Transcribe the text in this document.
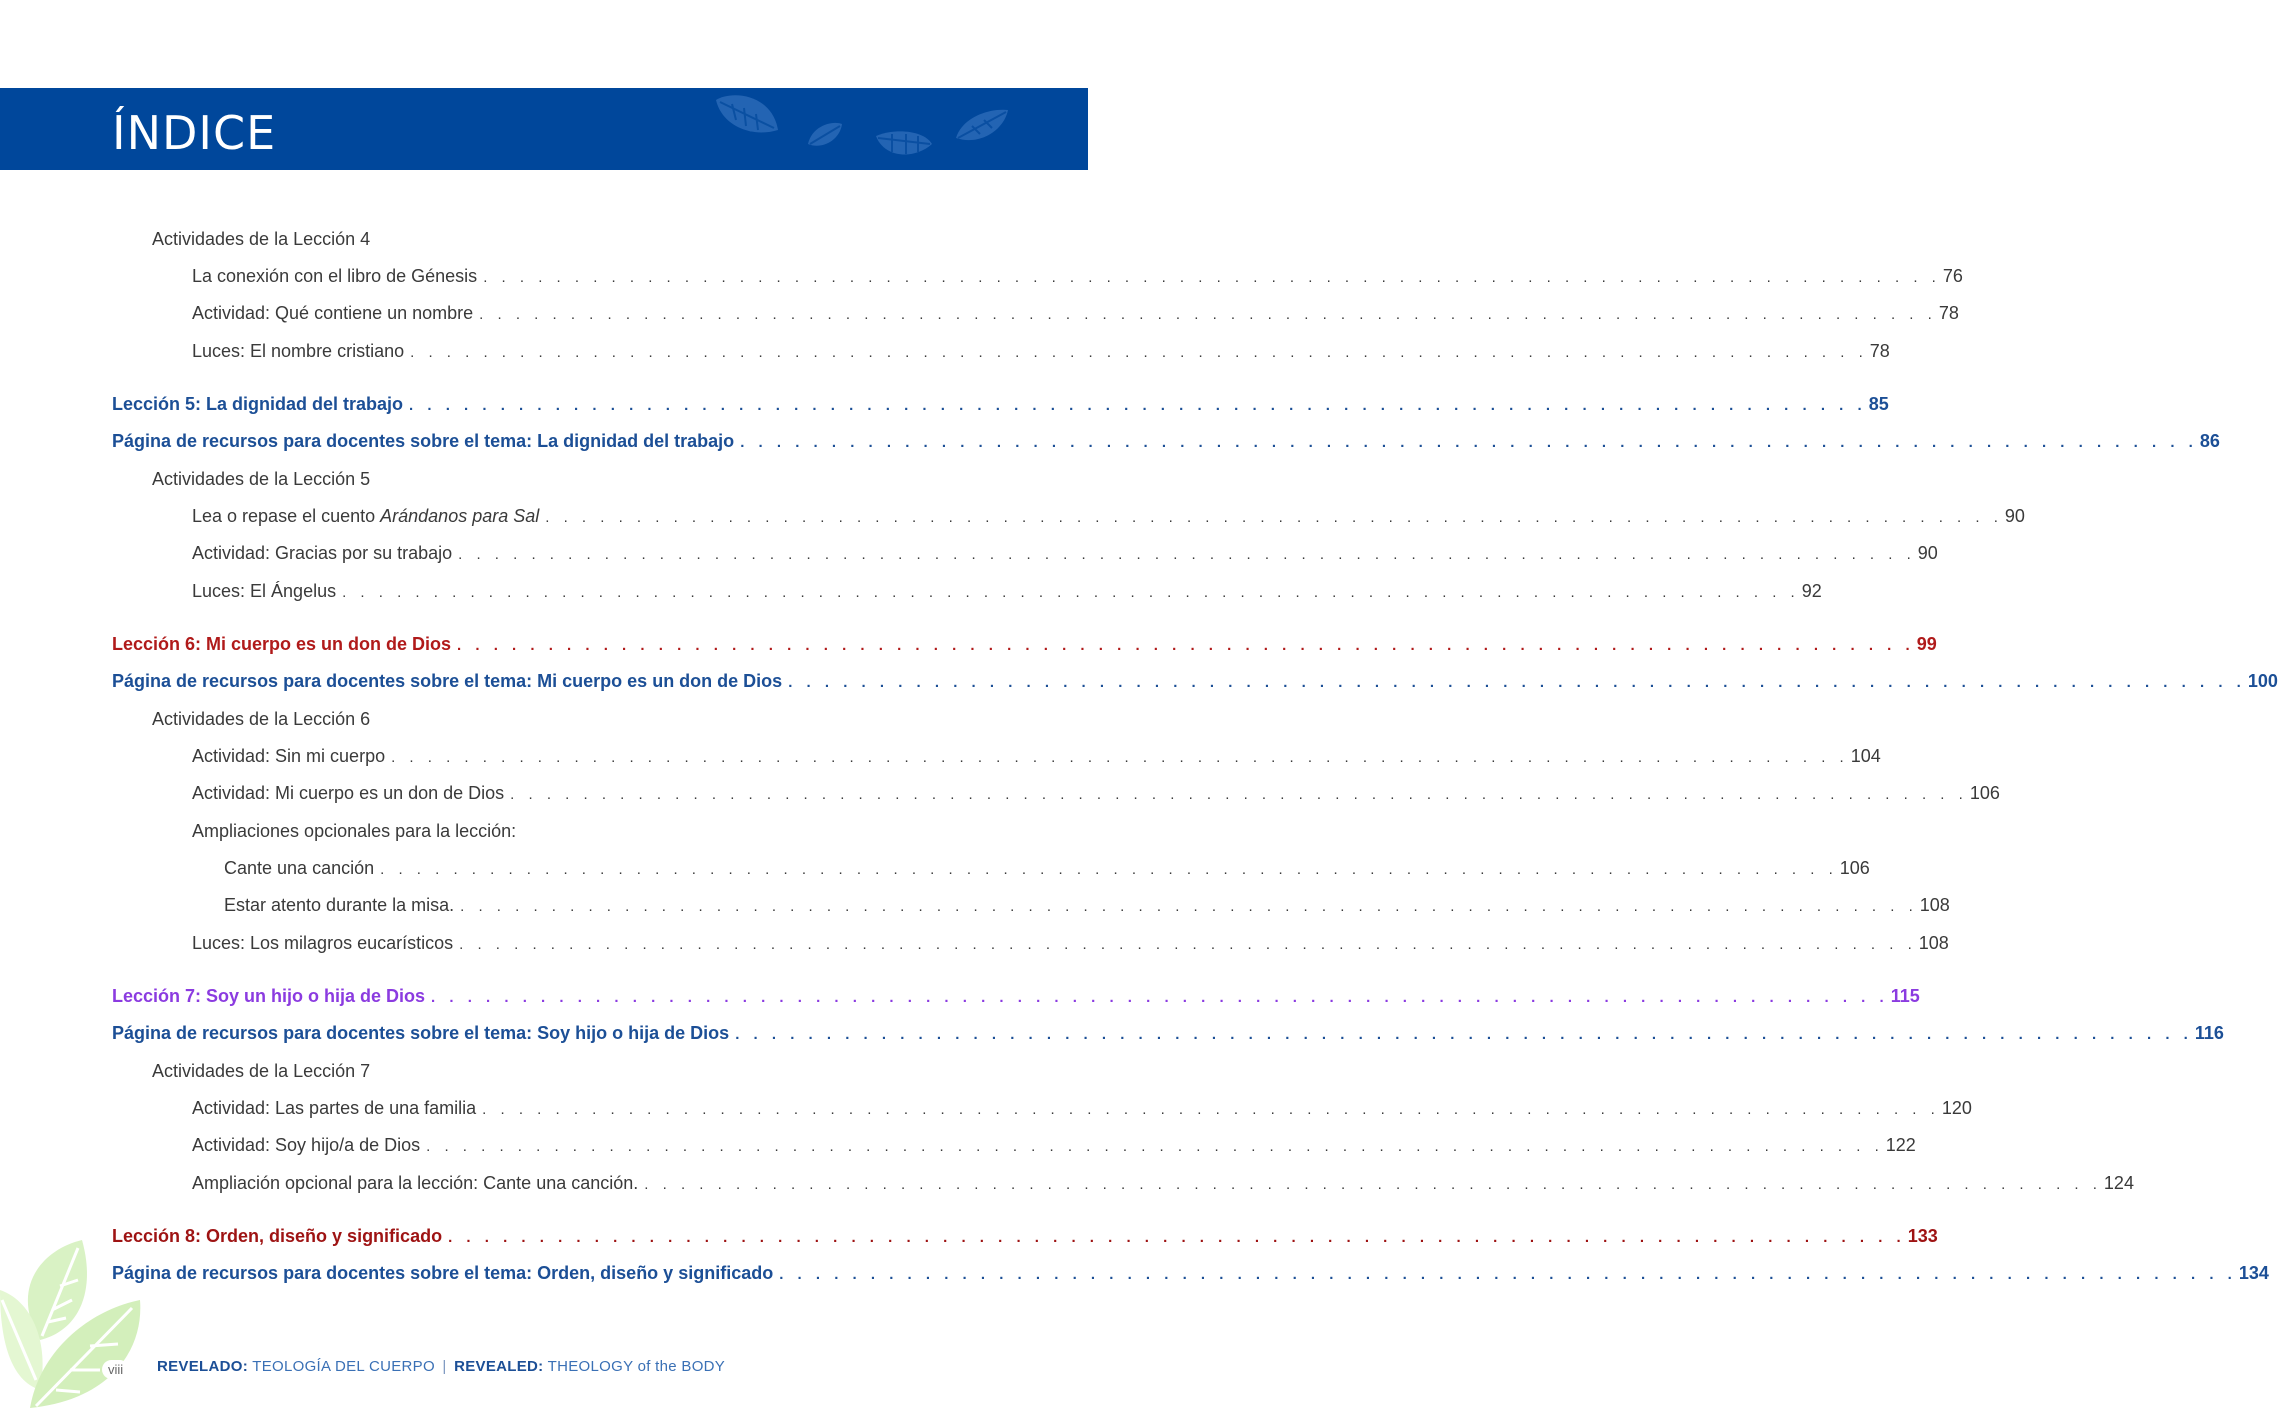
ÍNDICE
viii	REVELADO: TEOLOGÍA DEL CUERPO | REVEALED: THEOLOGY of the BODY
Actividades de la Lección 4
La conexión con el libro de Génesis . . . . . . . . . . . . . . . . . . . . . . . . . . . . . . . . . . . . . . . . . . . . . . . . . . . . . . . . . . . . . . . . . . . . . . . . . . . . . . . . 76
Actividad: Qué contiene un nombre . . . . . . . . . . . . . . . . . . . . . . . . . . . . . . . . . . . . . . . . . . . . . . . . . . . . . . . . . . . . . . . . . . . . . . . . . . . . . . . . 78
Luces: El nombre cristiano . . . . . . . . . . . . . . . . . . . . . . . . . . . . . . . . . . . . . . . . . . . . . . . . . . . . . . . . . . . . . . . . . . . . . . . . . . . . . . . . 78
Lección 5: La dignidad del trabajo . . . . . . . . . . . . . . . . . . . . . . . . . . . . . . . . . . . . . . . . . . . . . . . . . . . . . . . . . . . . . . . . . . . . . . . . . . . . . . . . 85
Página de recursos para docentes sobre el tema: La dignidad del trabajo . . . . . . . . . . . . . . . . . . . . . . . . . . . . . . . . . . . . . . . . . . . . . . . . . . . . . . . . . . . . . . . . . . . . . . . . . . . . . . . . 86
Actividades de la Lección 5
Lea o repase el cuento Arándanos para Sal . . . . . . . . . . . . . . . . . . . . . . . . . . . . . . . . . . . . . . . . . . . . . . . . . . . . . . . . . . . . . . . . . . . . . . . . . . . . . . . . 90
Actividad: Gracias por su trabajo . . . . . . . . . . . . . . . . . . . . . . . . . . . . . . . . . . . . . . . . . . . . . . . . . . . . . . . . . . . . . . . . . . . . . . . . . . . . . . . . 90
Luces: El Ángelus . . . . . . . . . . . . . . . . . . . . . . . . . . . . . . . . . . . . . . . . . . . . . . . . . . . . . . . . . . . . . . . . . . . . . . . . . . . . . . . . 92
Lección 6: Mi cuerpo es un don de Dios . . . . . . . . . . . . . . . . . . . . . . . . . . . . . . . . . . . . . . . . . . . . . . . . . . . . . . . . . . . . . . . . . . . . . . . . . . . . . . . . 99
Página de recursos para docentes sobre el tema: Mi cuerpo es un don de Dios . . . . . . . . . . . . . . . . . . . . . . . . . . . . . . . . . . . . . . . . . . . . . . . . . . . . . . . . . . . . . . . . . . . . . . . . . . . . . . . . 100
Actividades de la Lección 6
Actividad: Sin mi cuerpo . . . . . . . . . . . . . . . . . . . . . . . . . . . . . . . . . . . . . . . . . . . . . . . . . . . . . . . . . . . . . . . . . . . . . . . . . . . . . . . . 104
Actividad: Mi cuerpo es un don de Dios . . . . . . . . . . . . . . . . . . . . . . . . . . . . . . . . . . . . . . . . . . . . . . . . . . . . . . . . . . . . . . . . . . . . . . . . . . . . . . . . 106
Ampliaciones opcionales para la lección:
Cante una canción . . . . . . . . . . . . . . . . . . . . . . . . . . . . . . . . . . . . . . . . . . . . . . . . . . . . . . . . . . . . . . . . . . . . . . . . . . . . . . . . 106
Estar atento durante la misa. . . . . . . . . . . . . . . . . . . . . . . . . . . . . . . . . . . . . . . . . . . . . . . . . . . . . . . . . . . . . . . . . . . . . . . . . . . . . . . . . 108
Luces: Los milagros eucarísticos . . . . . . . . . . . . . . . . . . . . . . . . . . . . . . . . . . . . . . . . . . . . . . . . . . . . . . . . . . . . . . . . . . . . . . . . . . . . . . . . 108
Lección 7: Soy un hijo o hija de Dios . . . . . . . . . . . . . . . . . . . . . . . . . . . . . . . . . . . . . . . . . . . . . . . . . . . . . . . . . . . . . . . . . . . . . . . . . . . . . . . . 115
Página de recursos para docentes sobre el tema: Soy hijo o hija de Dios . . . . . . . . . . . . . . . . . . . . . . . . . . . . . . . . . . . . . . . . . . . . . . . . . . . . . . . . . . . . . . . . . . . . . . . . . . . . . . . . 116
Actividades de la Lección 7
Actividad: Las partes de una familia . . . . . . . . . . . . . . . . . . . . . . . . . . . . . . . . . . . . . . . . . . . . . . . . . . . . . . . . . . . . . . . . . . . . . . . . . . . . . . . . 120
Actividad: Soy hijo/a de Dios . . . . . . . . . . . . . . . . . . . . . . . . . . . . . . . . . . . . . . . . . . . . . . . . . . . . . . . . . . . . . . . . . . . . . . . . . . . . . . . . 122
Ampliación opcional para la lección: Cante una canción. . . . . . . . . . . . . . . . . . . . . . . . . . . . . . . . . . . . . . . . . . . . . . . . . . . . . . . . . . . . . . . . . . . . . . . . . . . . . . . . . 124
Lección 8: Orden, diseño y significado . . . . . . . . . . . . . . . . . . . . . . . . . . . . . . . . . . . . . . . . . . . . . . . . . . . . . . . . . . . . . . . . . . . . . . . . . . . . . . . . 133
Página de recursos para docentes sobre el tema: Orden, diseño y significado . . . . . . . . . . . . . . . . . . . . . . . . . . . . . . . . . . . . . . . . . . . . . . . . . . . . . . . . . . . . . . . . . . . . . . . . . . . . . . . . 134
